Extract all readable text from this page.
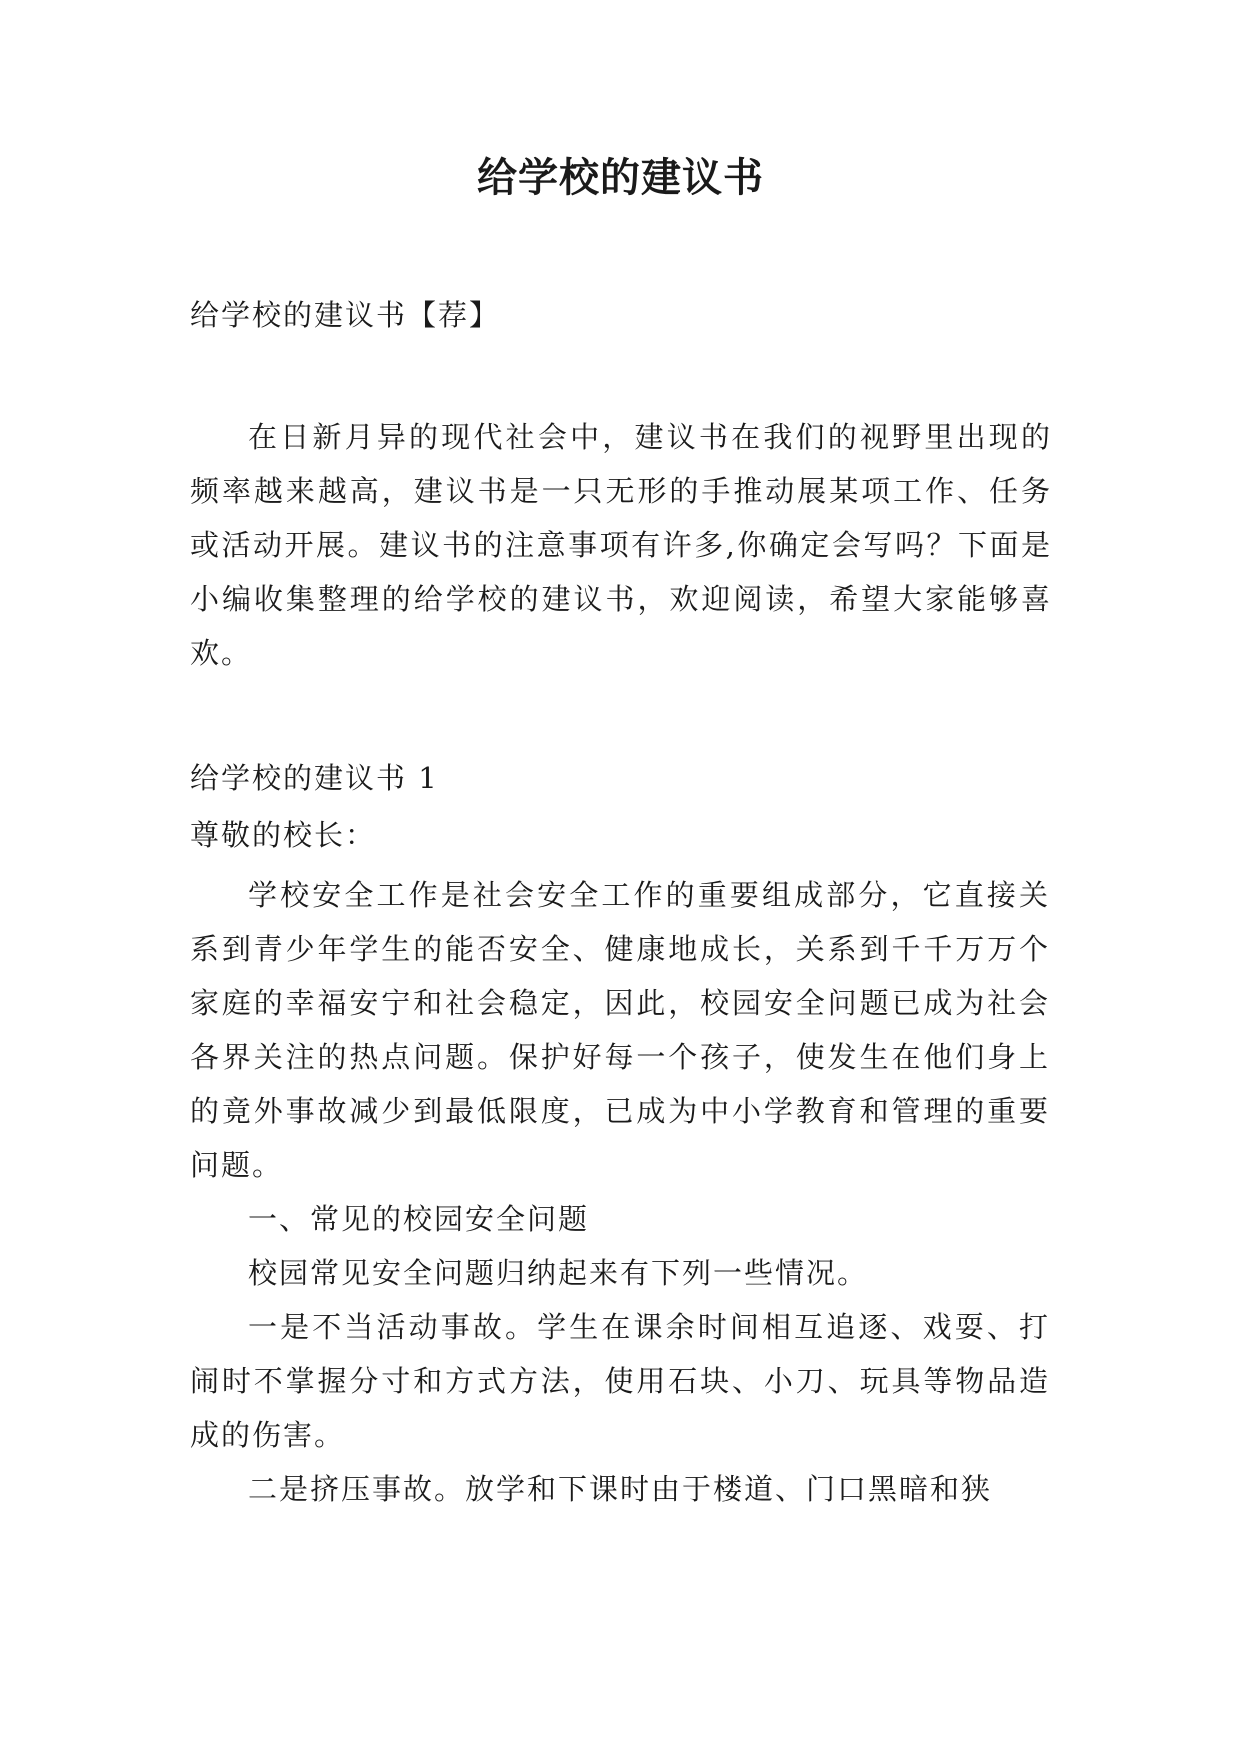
给学校的建议书

给学校的建议书【荐】

在日新月异的现代社会中，建议书在我们的视野里出现的频率越来越高，建议书是一只无形的手推动展某项工作、任务或活动开展。建议书的注意事项有许多,你确定会写吗？下面是小编收集整理的给学校的建议书，欢迎阅读，希望大家能够喜欢。

给学校的建议书 1

尊敬的校长：

学校安全工作是社会安全工作的重要组成部分，它直接关系到青少年学生的能否安全、健康地成长，关系到千千万万个家庭的幸福安宁和社会稳定，因此，校园安全问题已成为社会各界关注的热点问题。保护好每一个孩子，使发生在他们身上的竟外事故减少到最低限度，已成为中小学教育和管理的重要问题。

一、常见的校园安全问题

校园常见安全问题归纳起来有下列一些情况。

一是不当活动事故。学生在课余时间相互追逐、戏耍、打闹时不掌握分寸和方式方法，使用石块、小刀、玩具等物品造成的伤害。

二是挤压事故。放学和下课时由于楼道、门口黑暗和狭
